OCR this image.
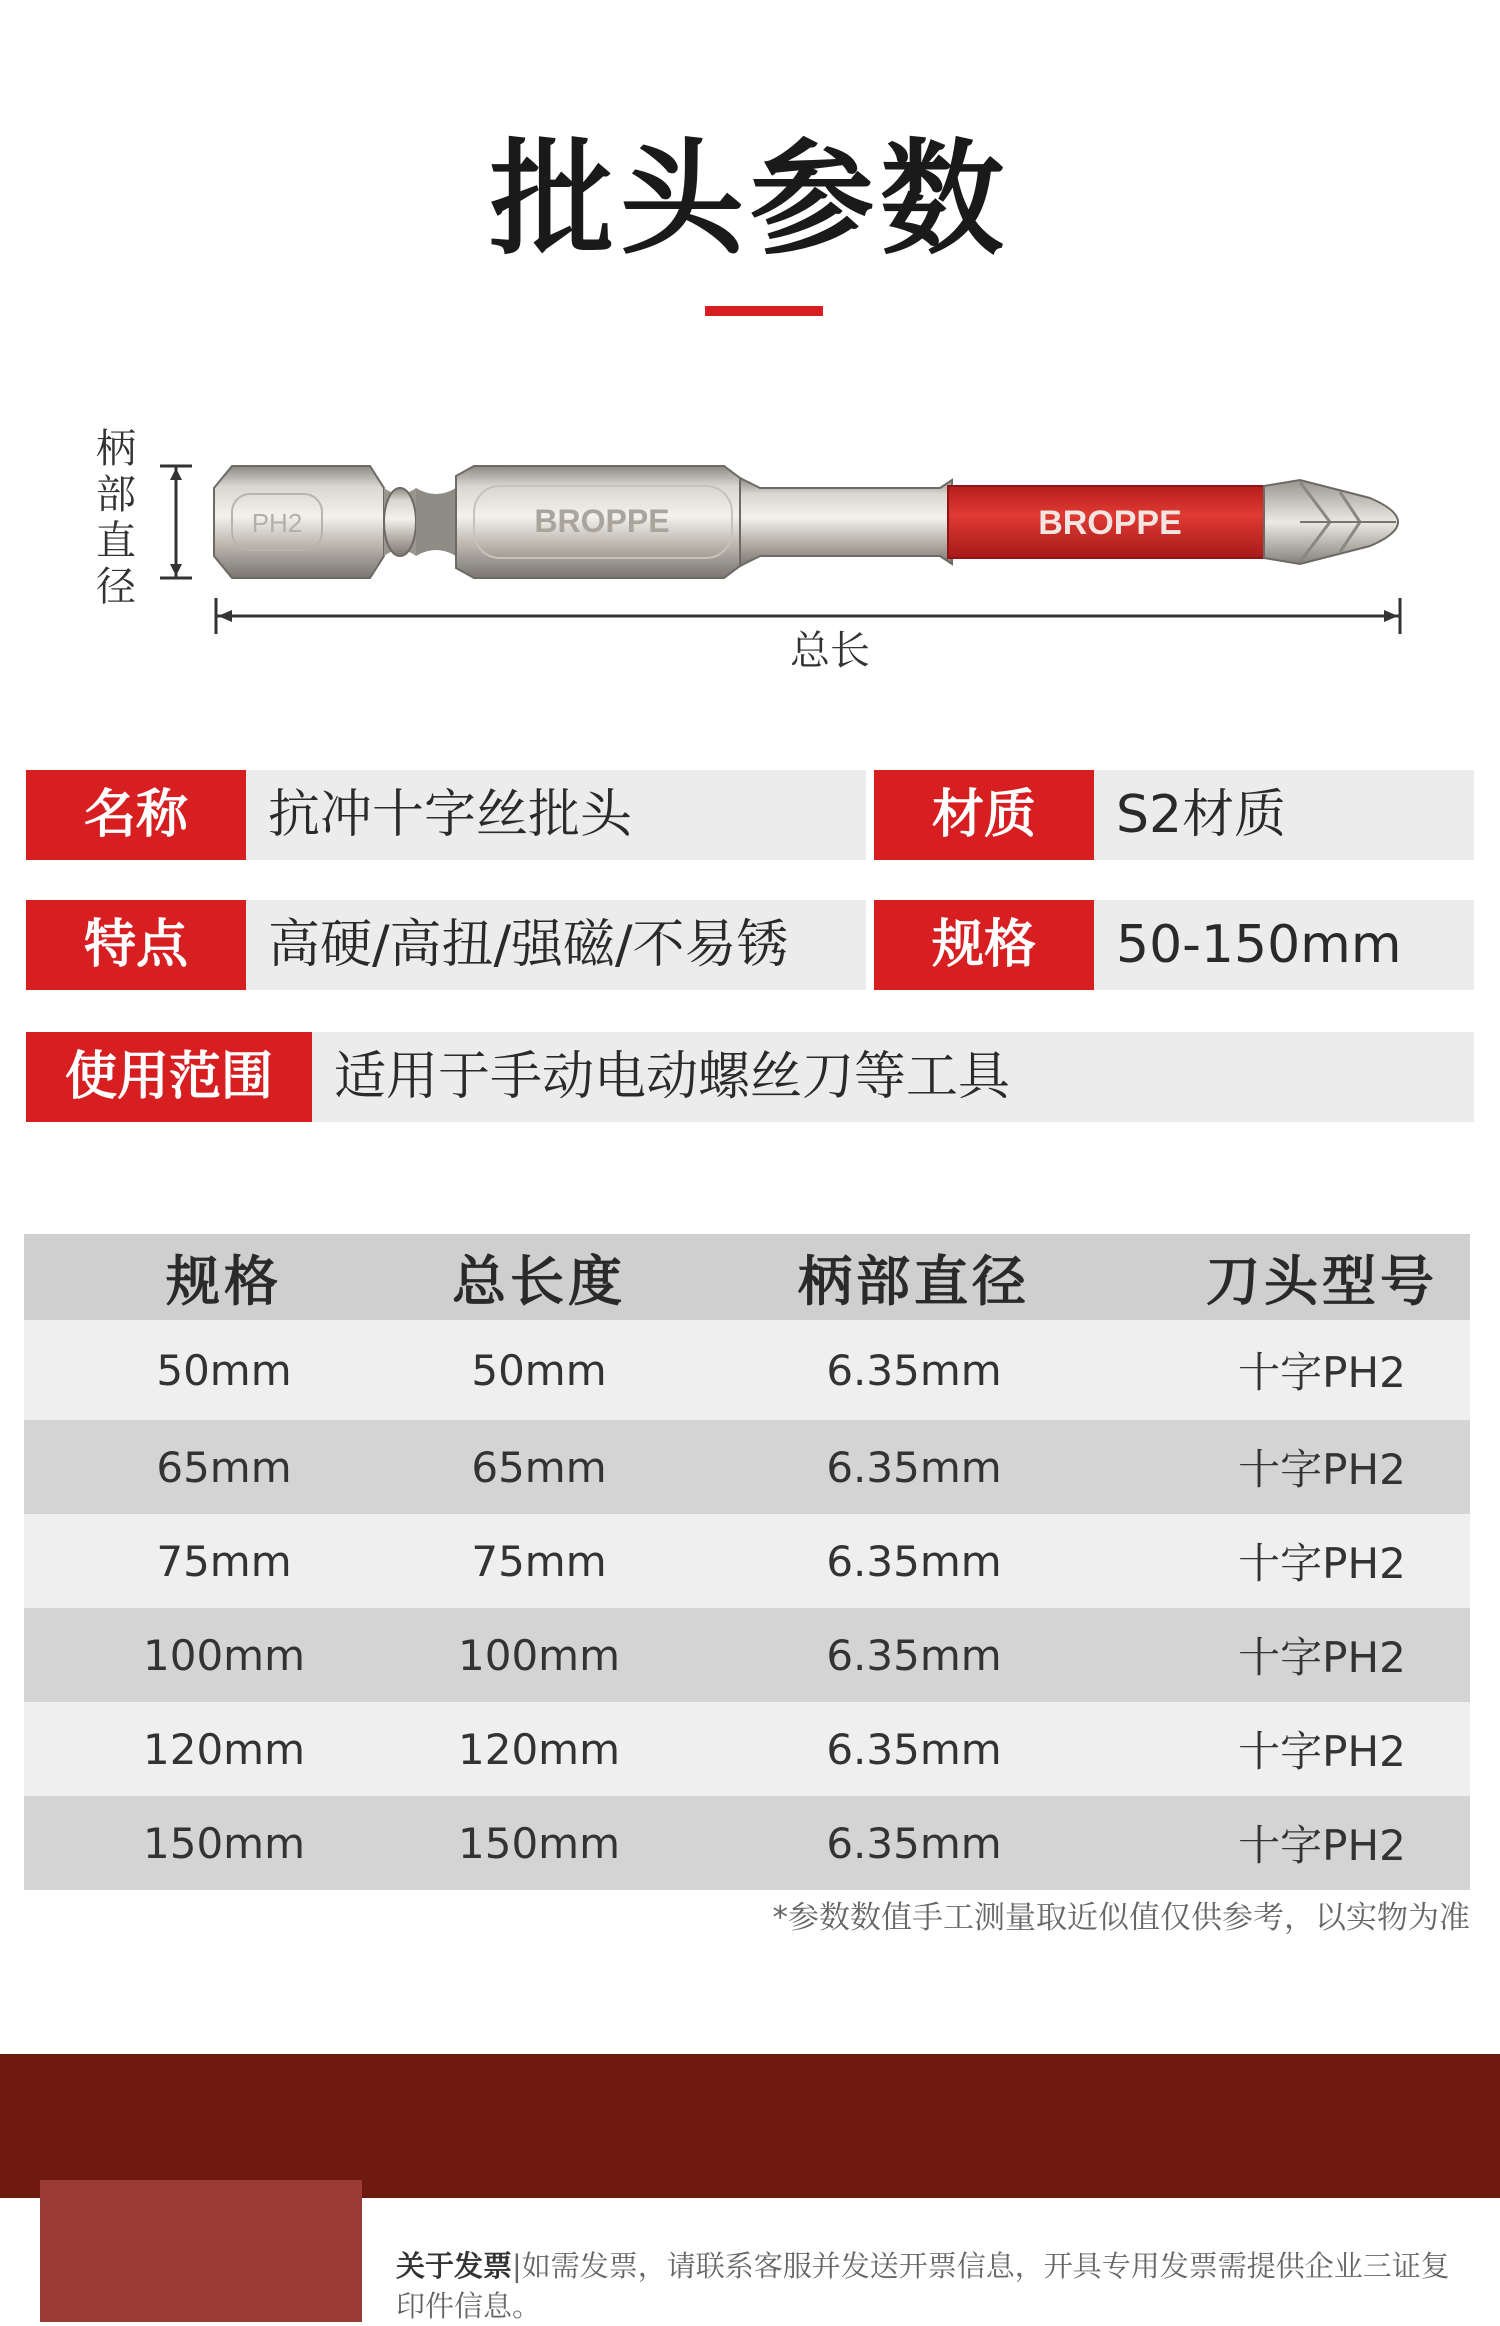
批头参数
PH2	BROPPE	BROPPE
柄部直径
总长
名称	抗冲十字丝批头	材质	S2材质
特点	高硬/高扭/强磁/不易锈	规格	50-150mm
使用范围	适用于手动电动螺丝刀等工具
规格	总长度	柄部直径	刀头型号
50mm	50mm	6.35mm	十字PH2
65mm	65mm	6.35mm	十字PH2
75mm	75mm	6.35mm	十字PH2
100mm	100mm	6.35mm	十字PH2
120mm	120mm	6.35mm	十字PH2
150mm	150mm	6.35mm	十字PH2
*参数数值手工测量取近似值仅供参考，以实物为准
关于发票|如需发票，请联系客服并发送开票信息，开具专用发票需提供企业三证复印件信息。
